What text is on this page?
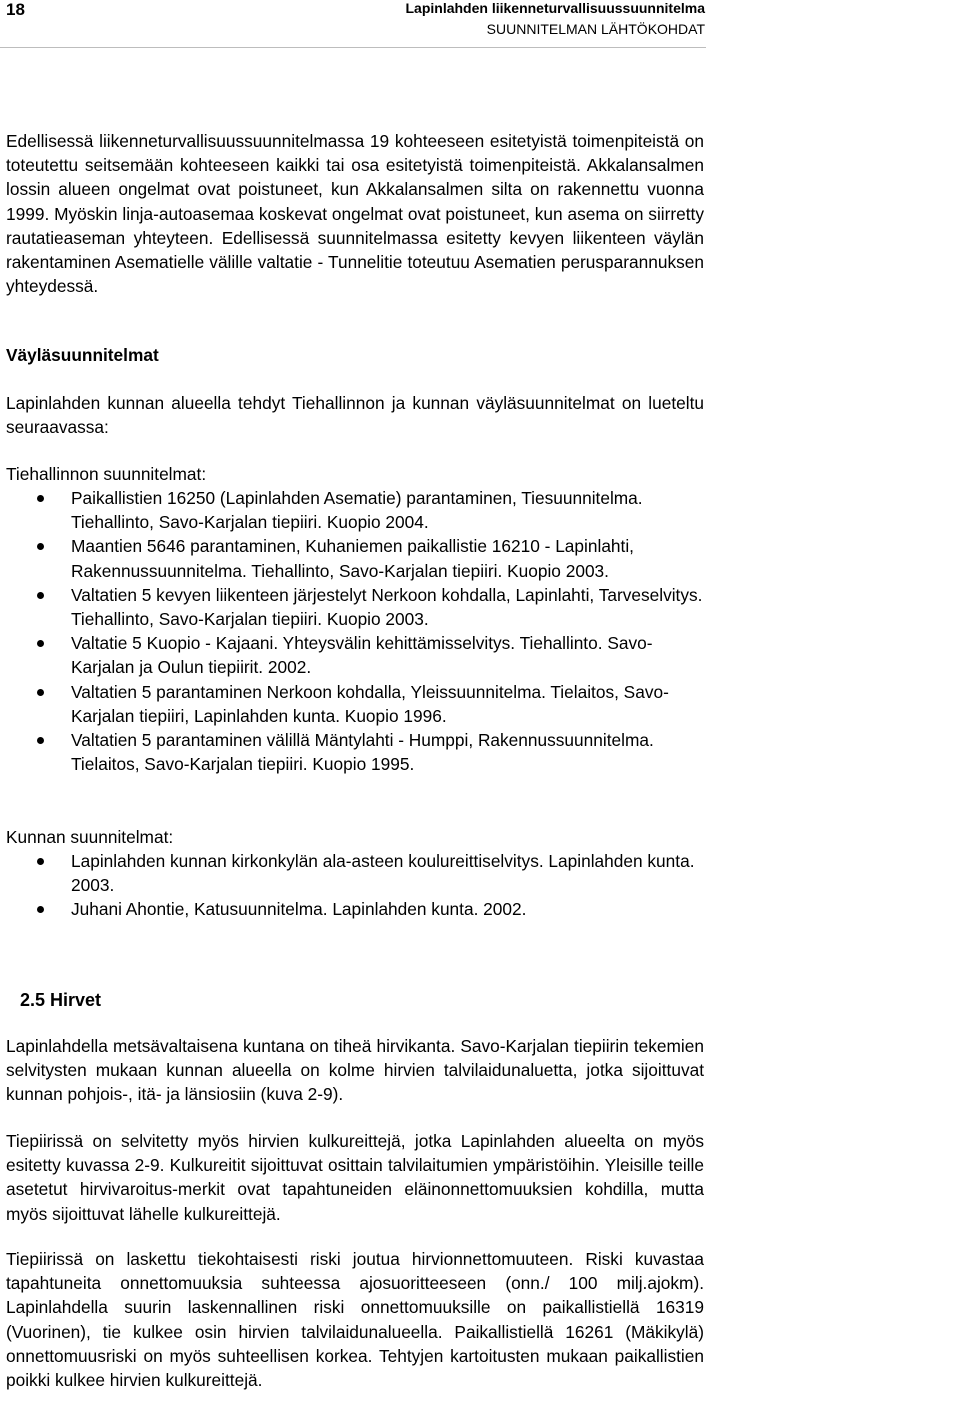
18	Lapinlahden liikenneturvallisuussuunnitelma
SUUNNITELMAN LÄHTÖKOHDAT

Edellisessä liikenneturvallisuussuunnitelmassa 19 kohteeseen esitetyistä toimenpiteistä on toteutettu seitsemään kohteeseen kaikki tai osa esitetyistä toimenpiteistä. Akkalansalmen lossin alueen ongelmat ovat poistuneet, kun Akkalansalmen silta on rakennettu vuonna 1999. Myöskin linja-autoasemaa koskevat ongelmat ovat poistuneet, kun asema on siirretty rautatieaseman yhteyteen. Edellisessä suunnitelmassa esitetty kevyen liikenteen väylän rakentaminen Asematielle välille valtatie - Tunnelitie toteutuu Asematien perusparannuksen yhteydessä.

Väyläsuunnitelmat

Lapinlahden kunnan alueella tehdyt Tiehallinnon ja kunnan väyläsuunnitelmat on lueteltu seuraavassa:

Tiehallinnon suunnitelmat:

Paikallistien 16250 (Lapinlahden Asematie) parantaminen, Tiesuunnitelma. Tiehallinto, Savo-Karjalan tiepiiri. Kuopio 2004.
Maantien 5646 parantaminen, Kuhaniemen paikallistie 16210 - Lapinlahti, Rakennussuunnitelma. Tiehallinto, Savo-Karjalan tiepiiri. Kuopio 2003.
Valtatien 5 kevyen liikenteen järjestelyt Nerkoon kohdalla, Lapinlahti, Tarveselvitys. Tiehallinto, Savo-Karjalan tiepiiri. Kuopio 2003.
Valtatie 5 Kuopio - Kajaani. Yhteysvälin kehittämisselvitys. Tiehallinto. Savo-Karjalan ja Oulun tiepiirit. 2002.
Valtatien 5 parantaminen Nerkoon kohdalla, Yleissuunnitelma. Tielaitos, Savo-Karjalan tiepiiri, Lapinlahden kunta. Kuopio 1996.
Valtatien 5 parantaminen välillä Mäntylahti - Humppi, Rakennussuunnitelma. Tielaitos, Savo-Karjalan tiepiiri. Kuopio 1995.

Kunnan suunnitelmat:

Lapinlahden kunnan kirkonkylän ala-asteen koulureittiselvitys. Lapinlahden kunta. 2003.
Juhani Ahontie, Katusuunnitelma. Lapinlahden kunta. 2002.

2.5 Hirvet

Lapinlahdella metsävaltaisena kuntana on tiheä hirvikanta. Savo-Karjalan tiepiirin tekemien selvitysten mukaan kunnan alueella on kolme hirvien talvilaidunaluetta, jotka sijoittuvat kunnan pohjois-, itä- ja länsiosiin (kuva 2-9).

Tiepiirissä on selvitetty myös hirvien kulkureittejä, jotka Lapinlahden alueelta on myös esitetty kuvassa 2-9. Kulkureitit sijoittuvat osittain talvilaitumien ympäristöihin. Yleisille teille asetetut hirvivaroitus-merkit ovat tapahtuneiden eläinonnettomuuksien kohdilla, mutta myös sijoittuvat lähelle kulkureittejä.

Tiepiirissä on laskettu tiekohtaisesti riski joutua hirvionnettomuuteen. Riski kuvastaa tapahtuneita onnettomuuksia suhteessa ajosuoritteeseen (onn./ 100 milj.ajokm). Lapinlahdella suurin laskennallinen riski onnettomuuksille on paikallistiellä 16319 (Vuorinen), tie kulkee osin hirvien talvilaidunalueella. Paikallistiellä 16261 (Mäkikylä) onnettomuusriski on myös suhteellisen korkea. Tehtyjen kartoitusten mukaan paikallistien poikki kulkee hirvien kulkureittejä.
